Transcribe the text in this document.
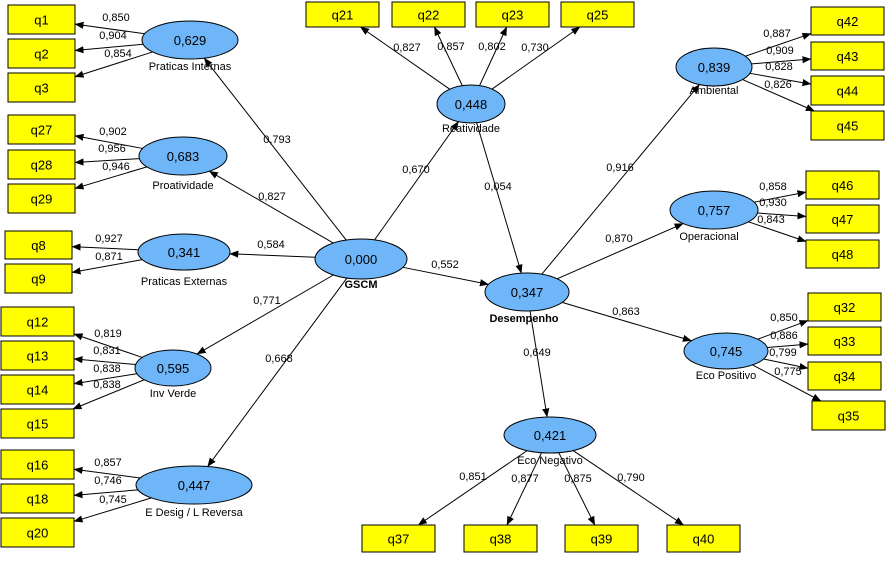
0,793
0,827
0,584
0,771
0,668
0,670
0,552
0,054
0,916
0,870
0,863
0,649
0,850
0,904
0,854
0,902
0,956
0,946
0,927
0,871
0,819
0,831
0,838
0,838
0,857
0,746
0,745
0,827 0,857 0,802 0,730
0,887
0,909
0,828
0,826
0,858
0,930
0,843
0,850
0,886
0,799
0,775
0,851 0,877 0,875 0,790
q1
q2
q3
q27
q28
q29
q8
q9
q12
q13
q14
q15
q16
q18
q20
q21	q22	q23	q25	q42
q43
q44
q45
q46
q47
q48
q32
q33
q34
q35
q37	q38	q39	q40
0,000
GSCM
0,629
Praticas Internas
0,683
Proatividade
0,341
Praticas Externas
0,595
Inv Verde
0,447
E Desig / L Reversa
0,448
Reatividade
0,347
Desempenho
0,839
Ambiental
0,757
Operacional
0,745
Eco Positivo
0,421
Eco Negativo
